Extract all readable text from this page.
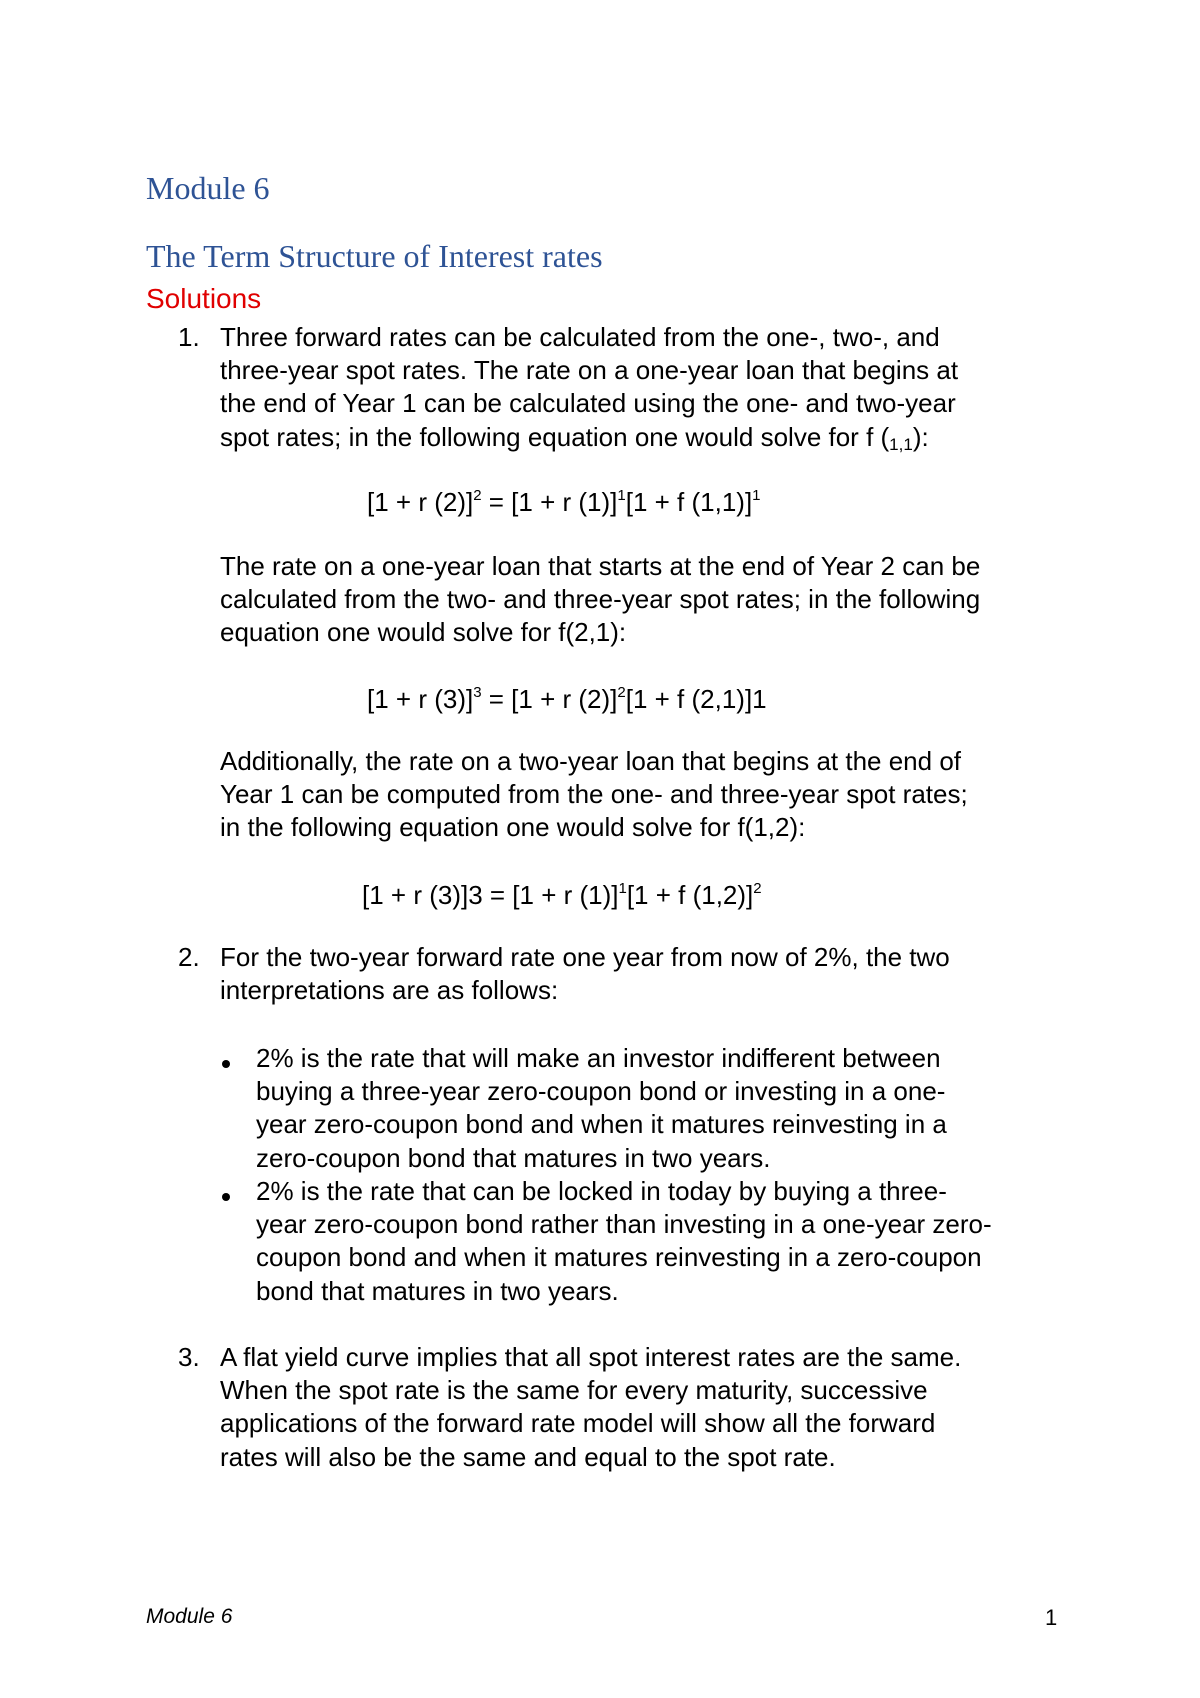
Module 6
The Term Structure of Interest rates
Solutions
1. Three forward rates can be calculated from the one-, two-, and
three-year spot rates. The rate on a one-year loan that begins at
the end of Year 1 can be calculated using the one- and two-year
spot rates; in the following equation one would solve for f $(_{1,1})$:
[1 + r (2)]$^2$ = [1 + r (1)]$^1$[1 + f (1,1)]$^1$
The rate on a one-year loan that starts at the end of Year 2 can be
calculated from the two- and three-year spot rates; in the following
equation one would solve for f(2,1):
[1 + r (3)]$^3$ = [1 + r (2)]$^2$[1 + f (2,1)]1
Additionally, the rate on a two-year loan that begins at the end of
Year 1 can be computed from the one- and three-year spot rates;
in the following equation one would solve for f(1,2):
[1 + r (3)]3 = [1 + r (1)]$^1$[1 + f (1,2)]$^2$
2. For the two-year forward rate one year from now of 2%, the two
interpretations are as follows:
2% is the rate that will make an investor indifferent between
buying a three-year zero-coupon bond or investing in a one-
year zero-coupon bond and when it matures reinvesting in a
zero-coupon bond that matures in two years.
2% is the rate that can be locked in today by buying a three-
year zero-coupon bond rather than investing in a one-year zero-
coupon bond and when it matures reinvesting in a zero-coupon
bond that matures in two years.
3. A flat yield curve implies that all spot interest rates are the same.
When the spot rate is the same for every maturity, successive
applications of the forward rate model will show all the forward
rates will also be the same and equal to the spot rate.
Module 6	1
